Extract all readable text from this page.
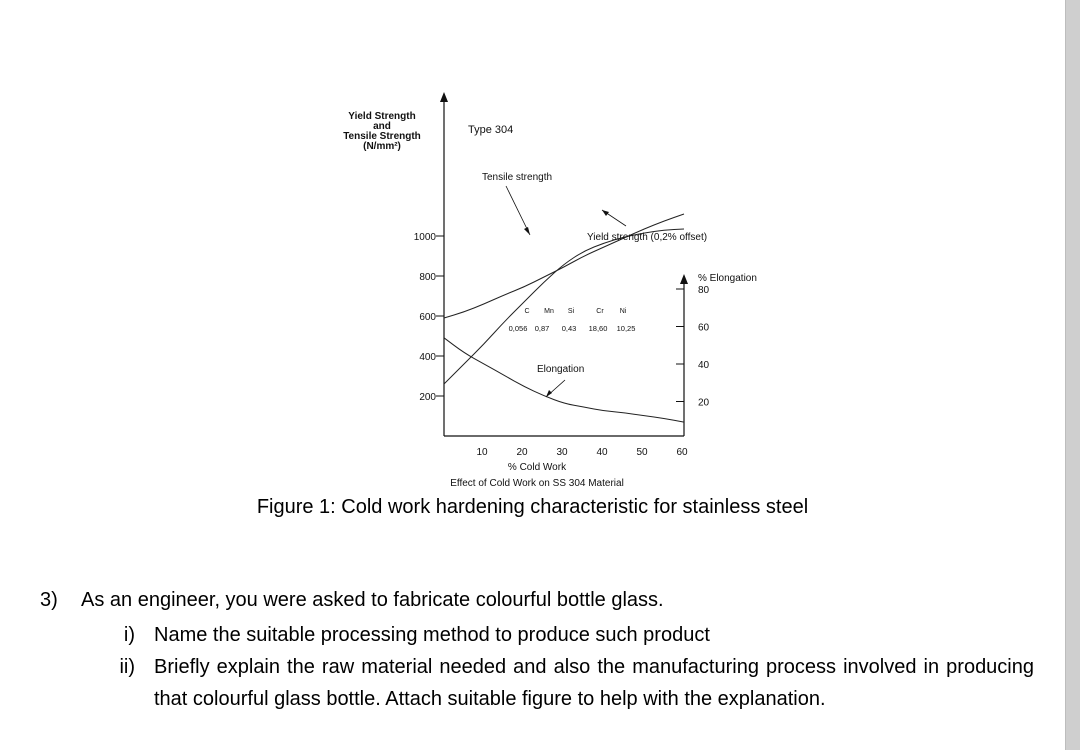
Yield Strength
and
Tensile Strength
(N/mm²)
Type 304
% Elongation
200
400
600
800
1000
10	20	30	40	50	60
20
40
60
80
Tensile strength
Yield strength (0,2% offset)
Elongation
C Mn Si	Cr Ni
0,056 0,87 0,43 18,60 10,25
% Cold Work
Effect of Cold Work on SS 304 Material
Figure 1: Cold work hardening characteristic for stainless steel
3) As an engineer, you were asked to fabricate colourful bottle glass.
i) Name the suitable processing method to produce such product
ii) Briefly explain the raw material needed and also the manufacturing process involved in producing that colourful glass bottle. Attach suitable figure to help with the explanation.
